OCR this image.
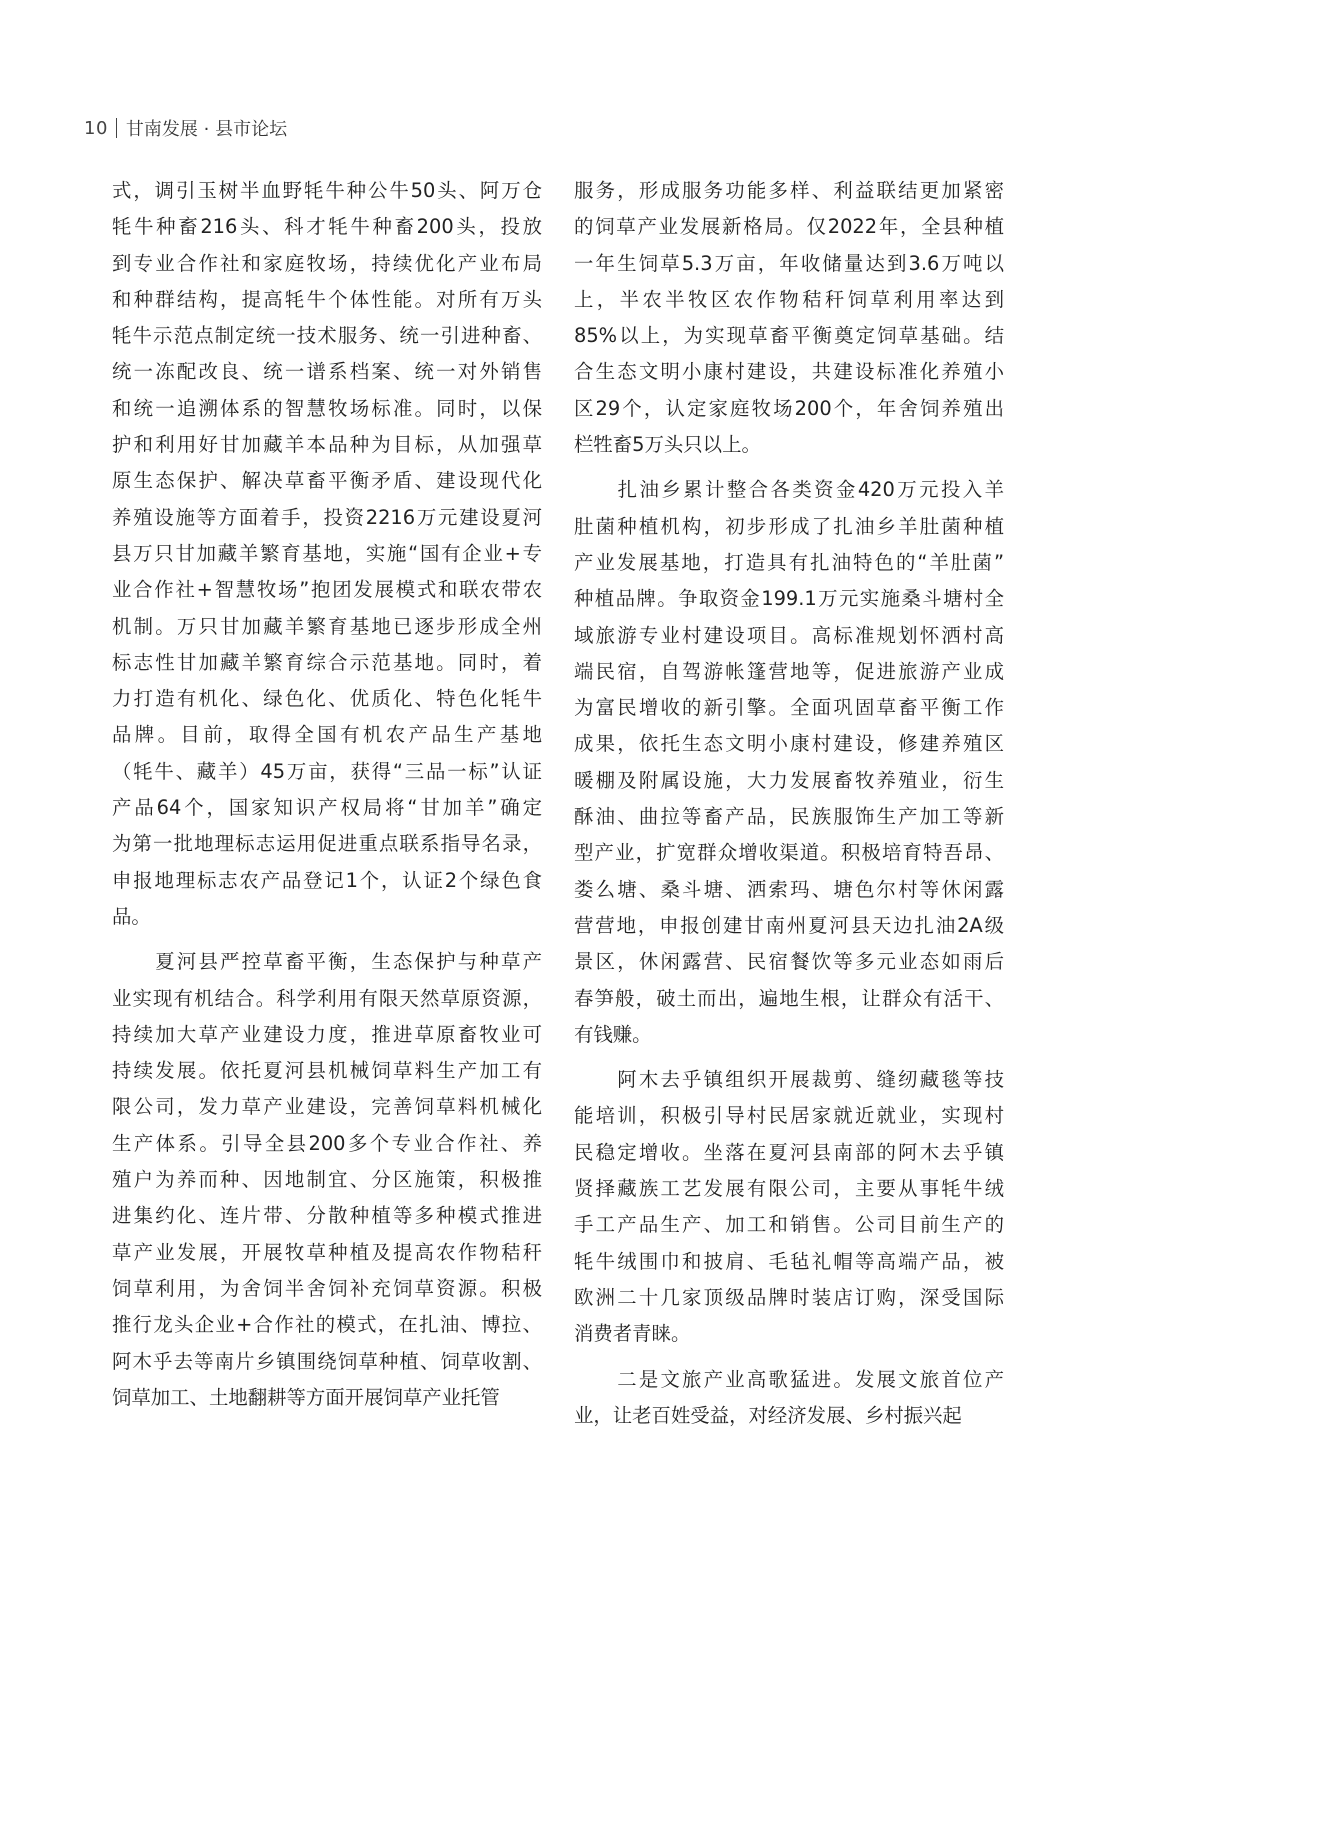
10 甘南发展 · 县市论坛
式，调引玉树半血野牦牛种公牛50头、阿万仓
牦牛种畜216头、科才牦牛种畜200头，投放
到专业合作社和家庭牧场，持续优化产业布局
和种群结构，提高牦牛个体性能。对所有万头
牦牛示范点制定统一技术服务、统一引进种畜、
统一冻配改良、统一谱系档案、统一对外销售
和统一追溯体系的智慧牧场标准。同时，以保
护和利用好甘加藏羊本品种为目标，从加强草
原生态保护、解决草畜平衡矛盾、建设现代化
养殖设施等方面着手，投资2216万元建设夏河
县万只甘加藏羊繁育基地，实施“国有企业+专
业合作社+智慧牧场”抱团发展模式和联农带农
机制。万只甘加藏羊繁育基地已逐步形成全州
标志性甘加藏羊繁育综合示范基地。同时，着
力打造有机化、绿色化、优质化、特色化牦牛
品牌。目前，取得全国有机农产品生产基地
（牦牛、藏羊）45万亩，获得“三品一标”认证
产品64个，国家知识产权局将“甘加羊”确定
为第一批地理标志运用促进重点联系指导名录，
申报地理标志农产品登记1个，认证2个绿色食
品。
　　夏河县严控草畜平衡，生态保护与种草产
业实现有机结合。科学利用有限天然草原资源，
持续加大草产业建设力度，推进草原畜牧业可
持续发展。依托夏河县机械饲草料生产加工有
限公司，发力草产业建设，完善饲草料机械化
生产体系。引导全县200多个专业合作社、养
殖户为养而种、因地制宜、分区施策，积极推
进集约化、连片带、分散种植等多种模式推进
草产业发展，开展牧草种植及提高农作物秸秆
饲草利用，为舍饲半舍饲补充饲草资源。积极
推行龙头企业+合作社的模式，在扎油、博拉、
阿木乎去等南片乡镇围绕饲草种植、饲草收割、
饲草加工、土地翻耕等方面开展饲草产业托管
服务，形成服务功能多样、利益联结更加紧密
的饲草产业发展新格局。仅2022年，全县种植
一年生饲草5.3万亩，年收储量达到3.6万吨以
上，半农半牧区农作物秸秆饲草利用率达到
85%以上，为实现草畜平衡奠定饲草基础。结
合生态文明小康村建设，共建设标准化养殖小
区29个，认定家庭牧场200个，年舍饲养殖出
栏牲畜5万头只以上。
　　扎油乡累计整合各类资金420万元投入羊
肚菌种植机构，初步形成了扎油乡羊肚菌种植
产业发展基地，打造具有扎油特色的“羊肚菌”
种植品牌。争取资金199.1万元实施桑斗塘村全
域旅游专业村建设项目。高标准规划怀洒村高
端民宿，自驾游帐篷营地等，促进旅游产业成
为富民增收的新引擎。全面巩固草畜平衡工作
成果，依托生态文明小康村建设，修建养殖区
暖棚及附属设施，大力发展畜牧养殖业，衍生
酥油、曲拉等畜产品，民族服饰生产加工等新
型产业，扩宽群众增收渠道。积极培育特吾昂、
娄么塘、桑斗塘、洒索玛、塘色尔村等休闲露
营营地，申报创建甘南州夏河县天边扎油2A级
景区，休闲露营、民宿餐饮等多元业态如雨后
春笋般，破土而出，遍地生根，让群众有活干、
有钱赚。
　　阿木去乎镇组织开展裁剪、缝纫藏毯等技
能培训，积极引导村民居家就近就业，实现村
民稳定增收。坐落在夏河县南部的阿木去乎镇
贤择藏族工艺发展有限公司，主要从事牦牛绒
手工产品生产、加工和销售。公司目前生产的
牦牛绒围巾和披肩、毛毡礼帽等高端产品，被
欧洲二十几家顶级品牌时装店订购，深受国际
消费者青睐。
　　二是文旅产业高歌猛进。发展文旅首位产
业，让老百姓受益，对经济发展、乡村振兴起
